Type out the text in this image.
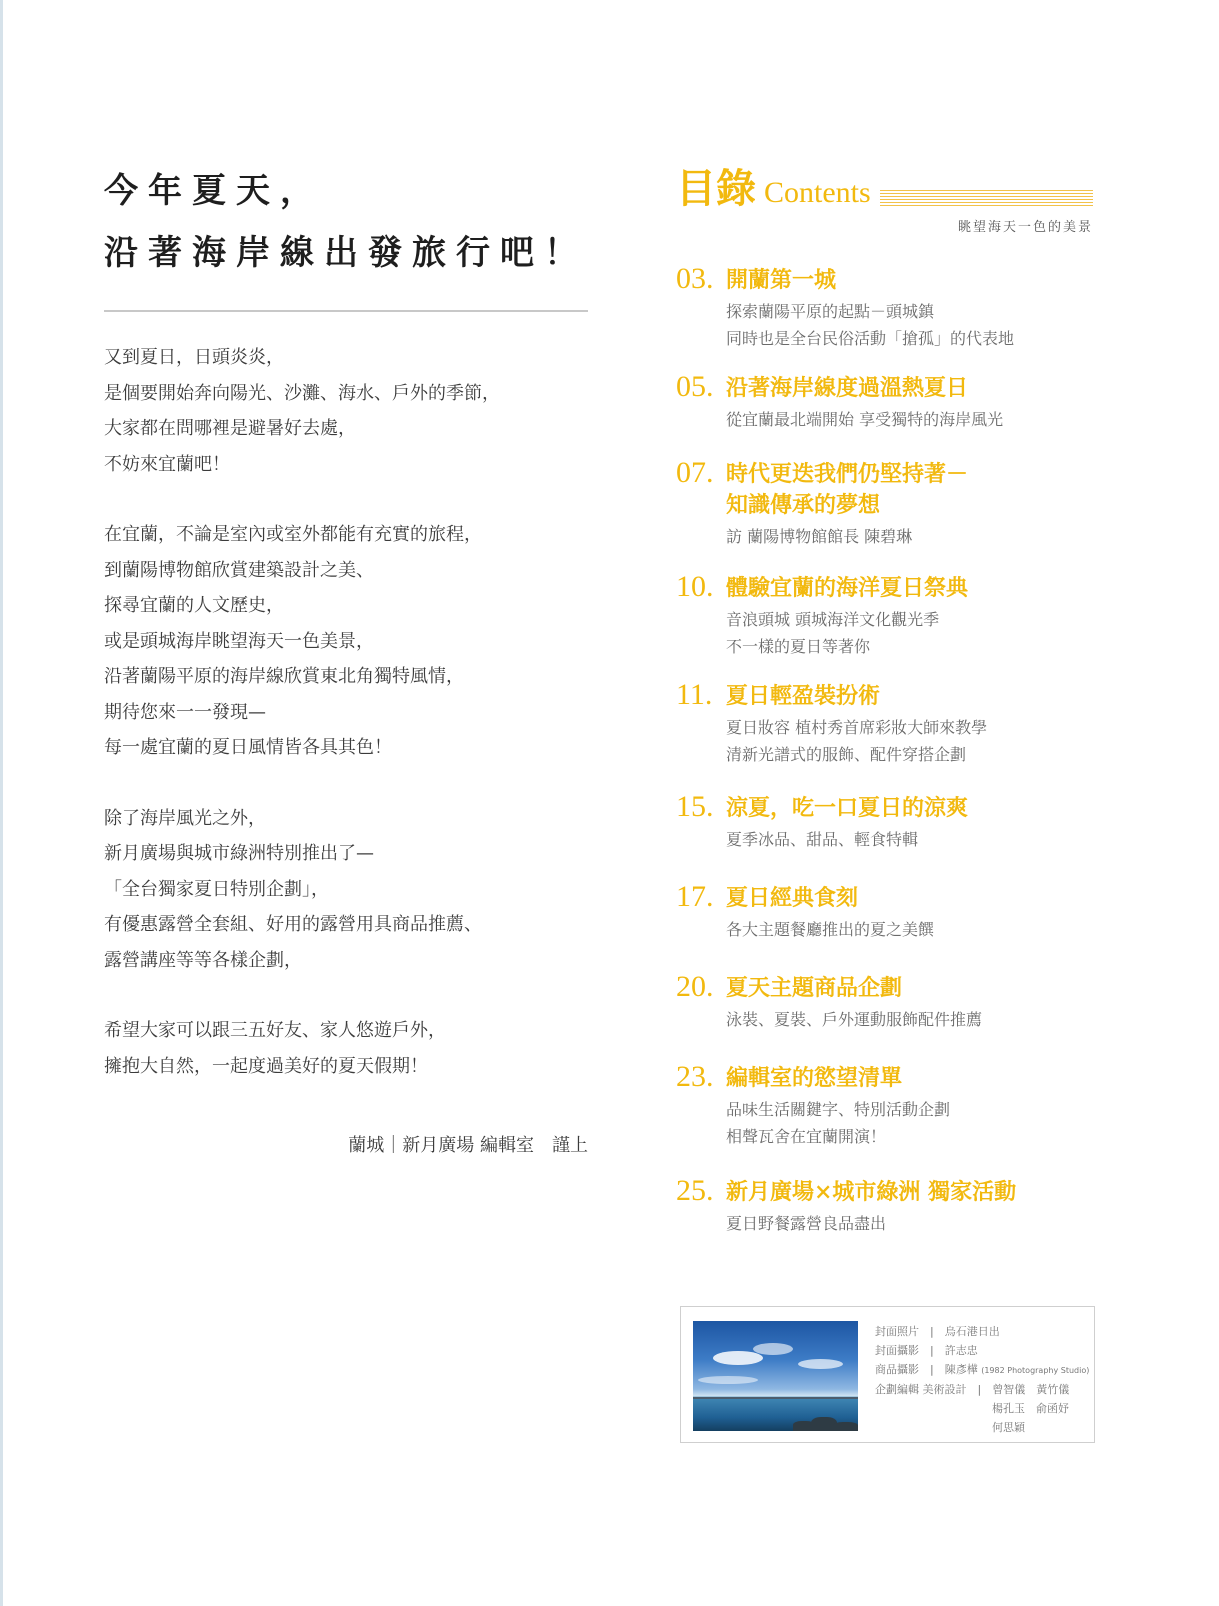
今年夏天，
沿著海岸線出發旅行吧！
又到夏日，日頭炎炎，
是個要開始奔向陽光、沙灘、海水、戶外的季節，
大家都在問哪裡是避暑好去處，
不妨來宜蘭吧！
在宜蘭，不論是室內或室外都能有充實的旅程，
到蘭陽博物館欣賞建築設計之美、
探尋宜蘭的人文歷史，
或是頭城海岸眺望海天一色美景，
沿著蘭陽平原的海岸線欣賞東北角獨特風情，
期待您來一一發現—
每一處宜蘭的夏日風情皆各具其色！
除了海岸風光之外，
新月廣場與城市綠洲特別推出了—
「全台獨家夏日特別企劃」，
有優惠露營全套組、好用的露營用具商品推薦、
露營講座等等各樣企劃，
希望大家可以跟三五好友、家人悠遊戶外，
擁抱大自然，一起度過美好的夏天假期！
蘭城｜新月廣場 編輯室　謹上
目錄 Contents
眺望海天一色的美景
03. 開蘭第一城
探索蘭陽平原的起點－頭城鎮
同時也是全台民俗活動「搶孤」的代表地
05. 沿著海岸線度過溫熱夏日
從宜蘭最北端開始 享受獨特的海岸風光
07. 時代更迭我們仍堅持著－
知識傳承的夢想
訪 蘭陽博物館館長 陳碧琳
10. 體驗宜蘭的海洋夏日祭典
音浪頭城 頭城海洋文化觀光季
不一樣的夏日等著你
11. 夏日輕盈裝扮術
夏日妝容 植村秀首席彩妝大師來教學
清新光譜式的服飾、配件穿搭企劃
15. 涼夏，吃一口夏日的涼爽
夏季冰品、甜品、輕食特輯
17. 夏日經典食刻
各大主題餐廳推出的夏之美饌
20. 夏天主題商品企劃
泳裝、夏裝、戶外運動服飾配件推薦
23. 編輯室的慾望清單
品味生活關鍵字、特別活動企劃
相聲瓦舍在宜蘭開演！
25. 新月廣場×城市綠洲 獨家活動
夏日野餐露營良品盡出
封面照片　|　烏石港日出
封面攝影　|　許志忠
商品攝影　|　陳彥樺 (1982 Photography Studio)
企劃編輯 美術設計　|　曾智儀　黃竹儀
楊孔玉　俞函妤
何思穎
